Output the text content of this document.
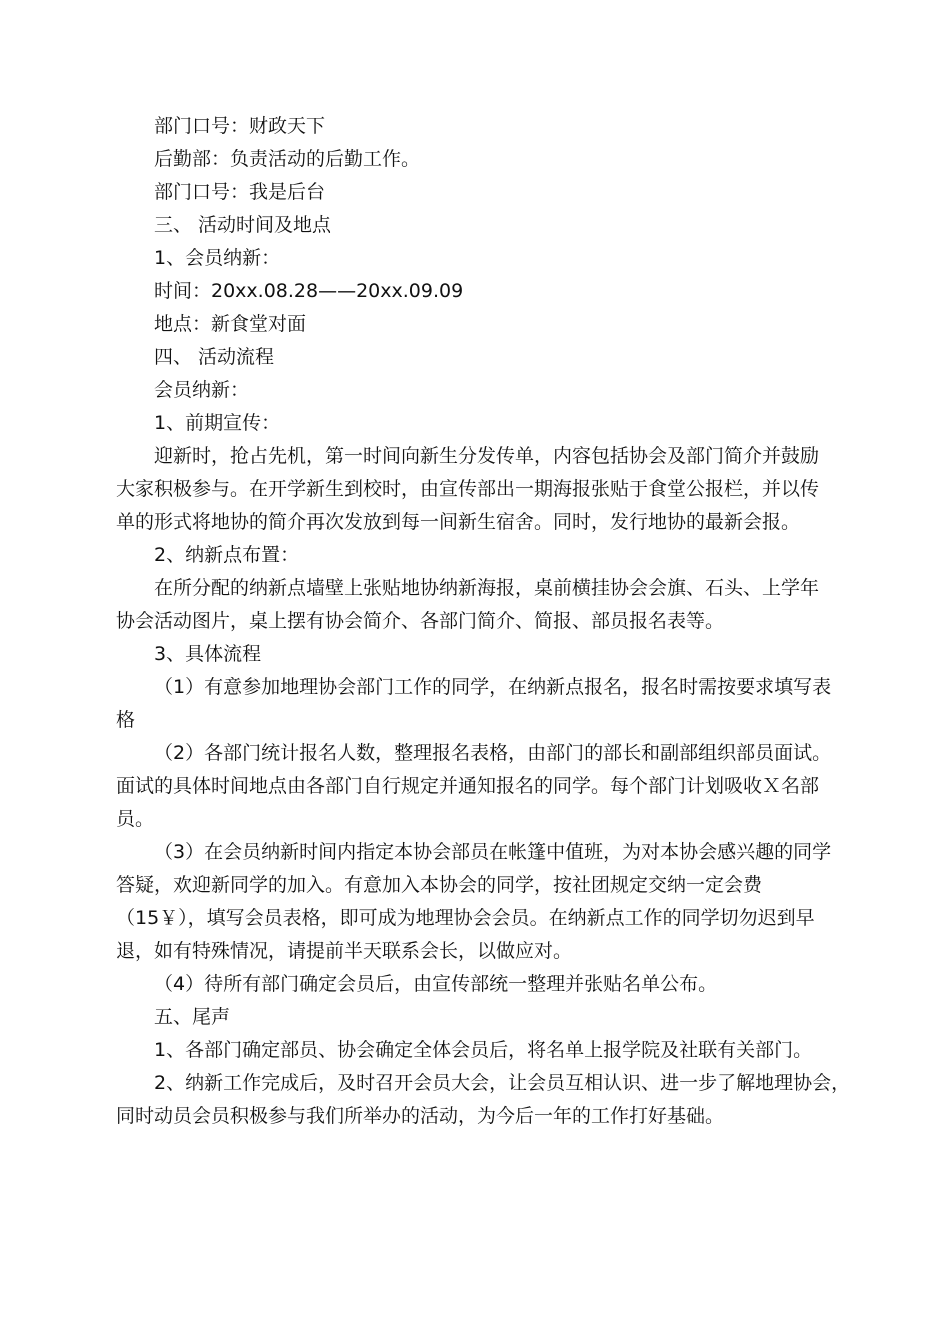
部门口号：财政天下
后勤部：负责活动的后勤工作。
部门口号：我是后台
三、 活动时间及地点
1、会员纳新：
时间：20xx.08.28——20xx.09.09
地点：新食堂对面
四、 活动流程
会员纳新：
1、前期宣传：
迎新时，抢占先机，第一时间向新生分发传单，内容包括协会及部门简介并鼓励
大家积极参与。在开学新生到校时，由宣传部出一期海报张贴于食堂公报栏，并以传
单的形式将地协的简介再次发放到每一间新生宿舍。同时，发行地协的最新会报。
2、纳新点布置：
在所分配的纳新点墙壁上张贴地协纳新海报，桌前横挂协会会旗、石头、上学年
协会活动图片，桌上摆有协会简介、各部门简介、简报、部员报名表等。
3、具体流程
（1）有意参加地理协会部门工作的同学，在纳新点报名，报名时需按要求填写表
格
（2）各部门统计报名人数，整理报名表格，由部门的部长和副部组织部员面试。
面试的具体时间地点由各部门自行规定并通知报名的同学。每个部门计划吸收Ｘ名部
员。
（3）在会员纳新时间内指定本协会部员在帐篷中值班，为对本协会感兴趣的同学
答疑，欢迎新同学的加入。有意加入本协会的同学，按社团规定交纳一定会费
（15￥），填写会员表格，即可成为地理协会会员。在纳新点工作的同学切勿迟到早
退，如有特殊情况，请提前半天联系会长，以做应对。
（4）待所有部门确定会员后，由宣传部统一整理并张贴名单公布。
五、尾声
1、各部门确定部员、协会确定全体会员后，将名单上报学院及社联有关部门。
2、纳新工作完成后，及时召开会员大会，让会员互相认识、进一步了解地理协会，
同时动员会员积极参与我们所举办的活动，为今后一年的工作打好基础。
